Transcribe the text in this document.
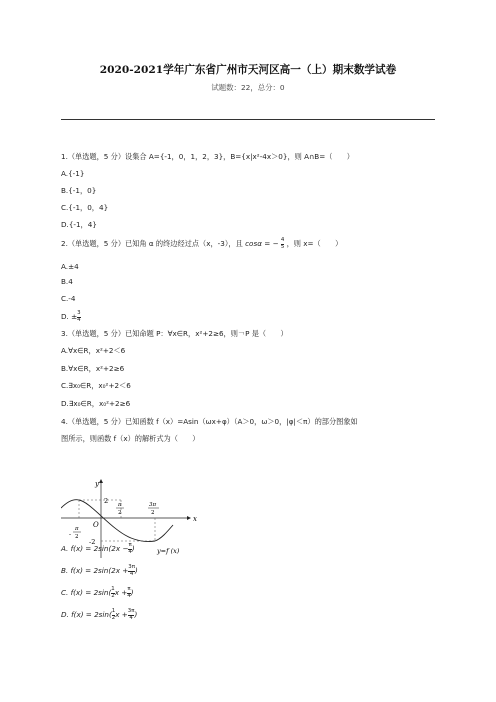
2020-2021学年广东省广州市天河区高一（上）期末数学试卷
试题数：22，总分：0
1.（单选题，5 分）设集合 A={-1，0，1，2，3}，B={x|x²-4x＞0}，则 A∩B=（　　）
A.{-1}
B.{-1，0}
C.{-1，0，4}
D.{-1，4}
2.（单选题，5 分）已知角 α 的终边经过点（x，-3），且 cosα = − $\frac{4}{5}$ ，则 x=（　　）
A.±4
B.4
C.-4
D. ± $\frac{3}{4}$
3.（单选题，5 分）已知命题 P：∀x∈R，x²+2≥6，则￢P 是（　　）
A.∀x∈R，x²+2＜6
B.∀x∈R，x²+2≥6
C.∃x₀∈R，x₀²+2＜6
D.∃x₀∈R，x₀²+2≥6
4.（单选题，5 分）已知函数 f（x）=Asin（ωx+φ）（A＞0，ω＞0，|φ|＜π）的部分图象如
图所示，则函数 f（x）的解析式为（　　）
y
x
O
2
-2
-
π
2
π
2
3π
2
y=f (x)
A. $f(x) = 2\sin(2x - \frac{\pi}{4}$ )
B. $f(x) = 2\sin(2x + \frac{3\pi}{4}$ )
C. $f(x) = 2\sin( \frac{1}{2}$ $x + \frac{\pi}{4}$ )
D. $f(x) = 2\sin( \frac{1}{2}$ $x + \frac{3\pi}{4}$ )
